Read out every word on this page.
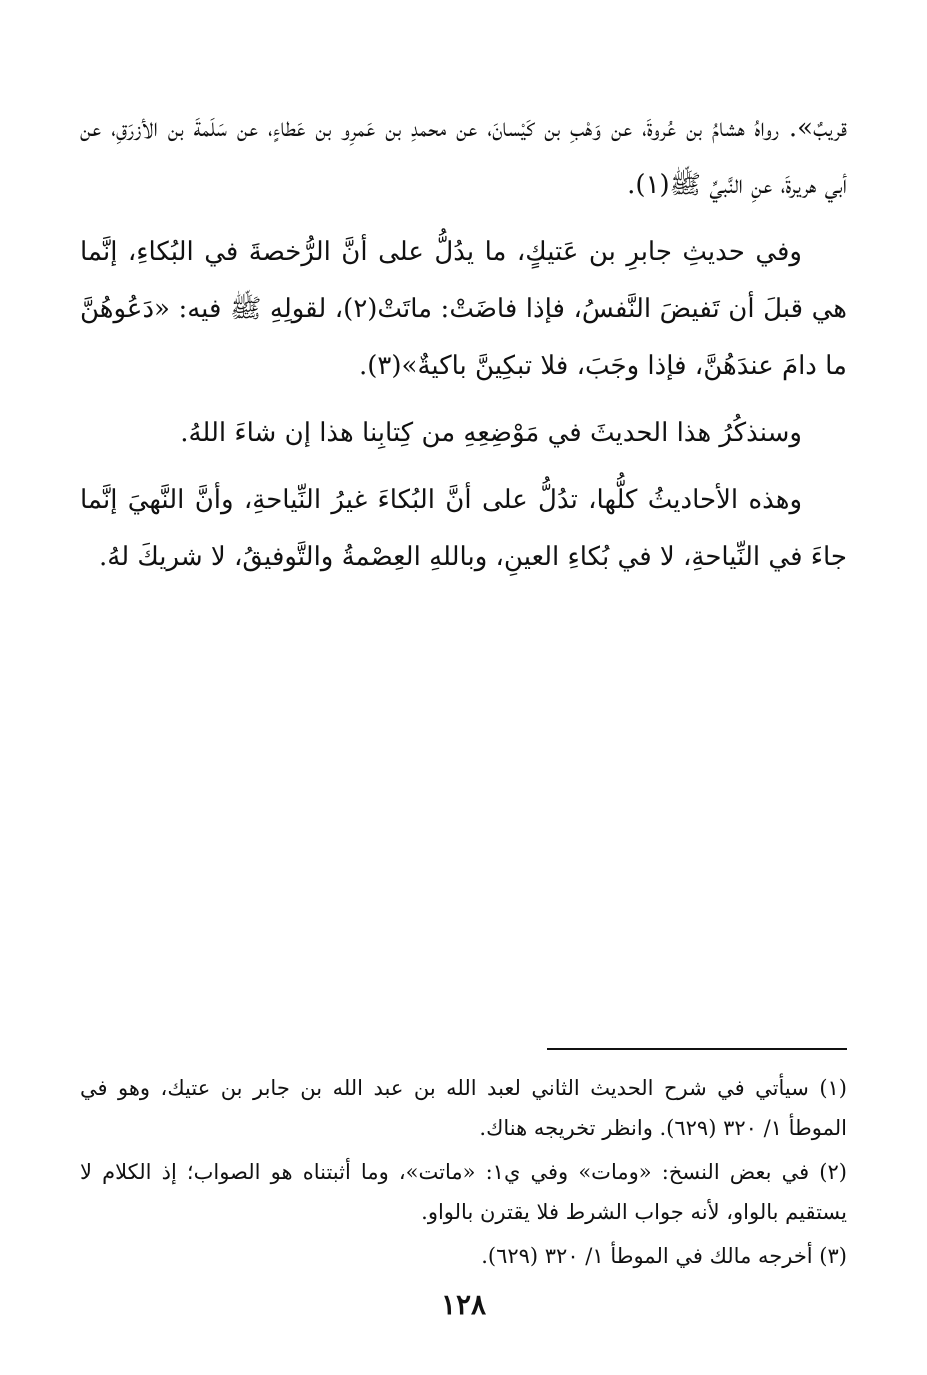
قريبٌ». رواهُ هشامُ بن عُروةَ، عن وَهْبِ بن كَيْسانَ، عن محمدِ بن عَمرِو بن عَطاءٍ، عن سَلَمةَ بن الأزرَقِ، عن أبي هريرةَ، عنِ النَّبيِّ ﷺ(١).

وفي حديثِ جابرِ بن عَتيكٍ، ما يدُلُّ على أنَّ الرُّخصةَ في البُكاءِ، إنَّما هي قبلَ أن تَفيضَ النَّفسُ، فإذا فاضَتْ: ماتَتْ(٢)، لقولِهِ ﷺ فيه: «دَعُوهُنَّ ما دامَ عندَهُنَّ، فإذا وجَبَ، فلا تبكِينَّ باكيةٌ»(٣).

وسنذكُرُ هذا الحديثَ في مَوْضِعِهِ من كِتابِنا هذا إن شاءَ اللهُ.

وهذه الأحاديثُ كلُّها، تدُلُّ على أنَّ البُكاءَ غيرُ النِّياحةِ، وأنَّ النَّهيَ إنَّما جاءَ في النِّياحةِ، لا في بُكاءِ العينِ، وباللهِ العِصْمةُ والتَّوفيقُ، لا شريكَ لهُ.

(١) سيأتي في شرح الحديث الثاني لعبد الله بن عبد الله بن جابر بن عتيك، وهو في الموطأ ١/ ٣٢٠ (٦٢٩). وانظر تخريجه هناك.

(٢) في بعض النسخ: «ومات» وفي ي١: «ماتت»، وما أثبتناه هو الصواب؛ إذ الكلام لا يستقيم بالواو، لأنه جواب الشرط فلا يقترن بالواو.

(٣) أخرجه مالك في الموطأ ١/ ٣٢٠ (٦٢٩).

١٢٨
